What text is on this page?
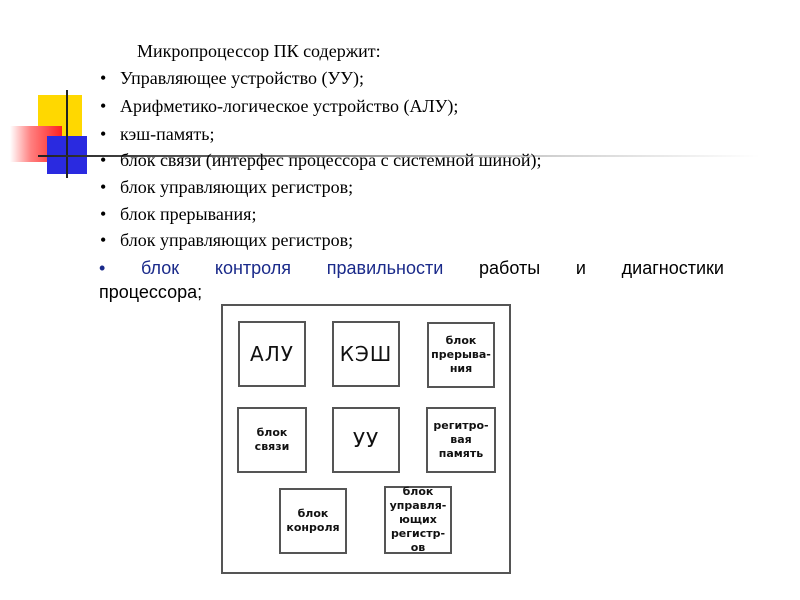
Микропроцессор ПК содержит:
• Управляющее устройство (УУ);
• Арифметико-логическое устройство (АЛУ);
• кэш-память;
• блок связи (интерфес процессора с системной шиной);
• блок управляющих регистров;
• блок прерывания;
• блок управляющих регистров;
• блок контроля правильности работы и диагностики
процессора;
АЛУ	КЭШ
блок
прерыва-
ния
блок
связи	УУ
регитро-
вая
память
блок
конроля
блок
управля-
ющих
регистр-
ов
